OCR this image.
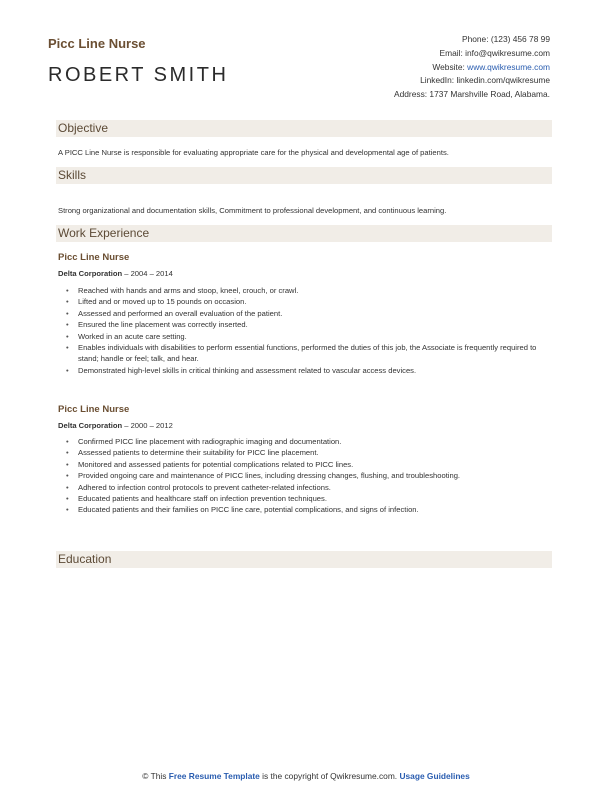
Picc Line Nurse
ROBERT SMITH
Phone: (123) 456 78 99
Email: info@qwikresume.com
Website: www.qwikresume.com
LinkedIn: linkedin.com/qwikresume
Address: 1737 Marshville Road, Alabama.
Objective
A PICC Line Nurse is responsible for evaluating appropriate care for the physical and developmental age of patients.
Skills
Strong organizational and documentation skills, Commitment to professional development, and continuous learning.
Work Experience
Picc Line Nurse
Delta Corporation – 2004 – 2014
• Reached with hands and arms and stoop, kneel, crouch, or crawl.
• Lifted and or moved up to 15 pounds on occasion.
• Assessed and performed an overall evaluation of the patient.
• Ensured the line placement was correctly inserted.
• Worked in an acute care setting.
• Enables individuals with disabilities to perform essential functions, performed the duties of this job, the Associate is frequently required to stand; handle or feel; talk, and hear.
• Demonstrated high-level skills in critical thinking and assessment related to vascular access devices.
Picc Line Nurse
Delta Corporation – 2000 – 2012
• Confirmed PICC line placement with radiographic imaging and documentation.
• Assessed patients to determine their suitability for PICC line placement.
• Monitored and assessed patients for potential complications related to PICC lines.
• Provided ongoing care and maintenance of PICC lines, including dressing changes, flushing, and troubleshooting.
• Adhered to infection control protocols to prevent catheter-related infections.
• Educated patients and healthcare staff on infection prevention techniques.
• Educated patients and their families on PICC line care, potential complications, and signs of infection.
Education
© This Free Resume Template is the copyright of Qwikresume.com. Usage Guidelines
